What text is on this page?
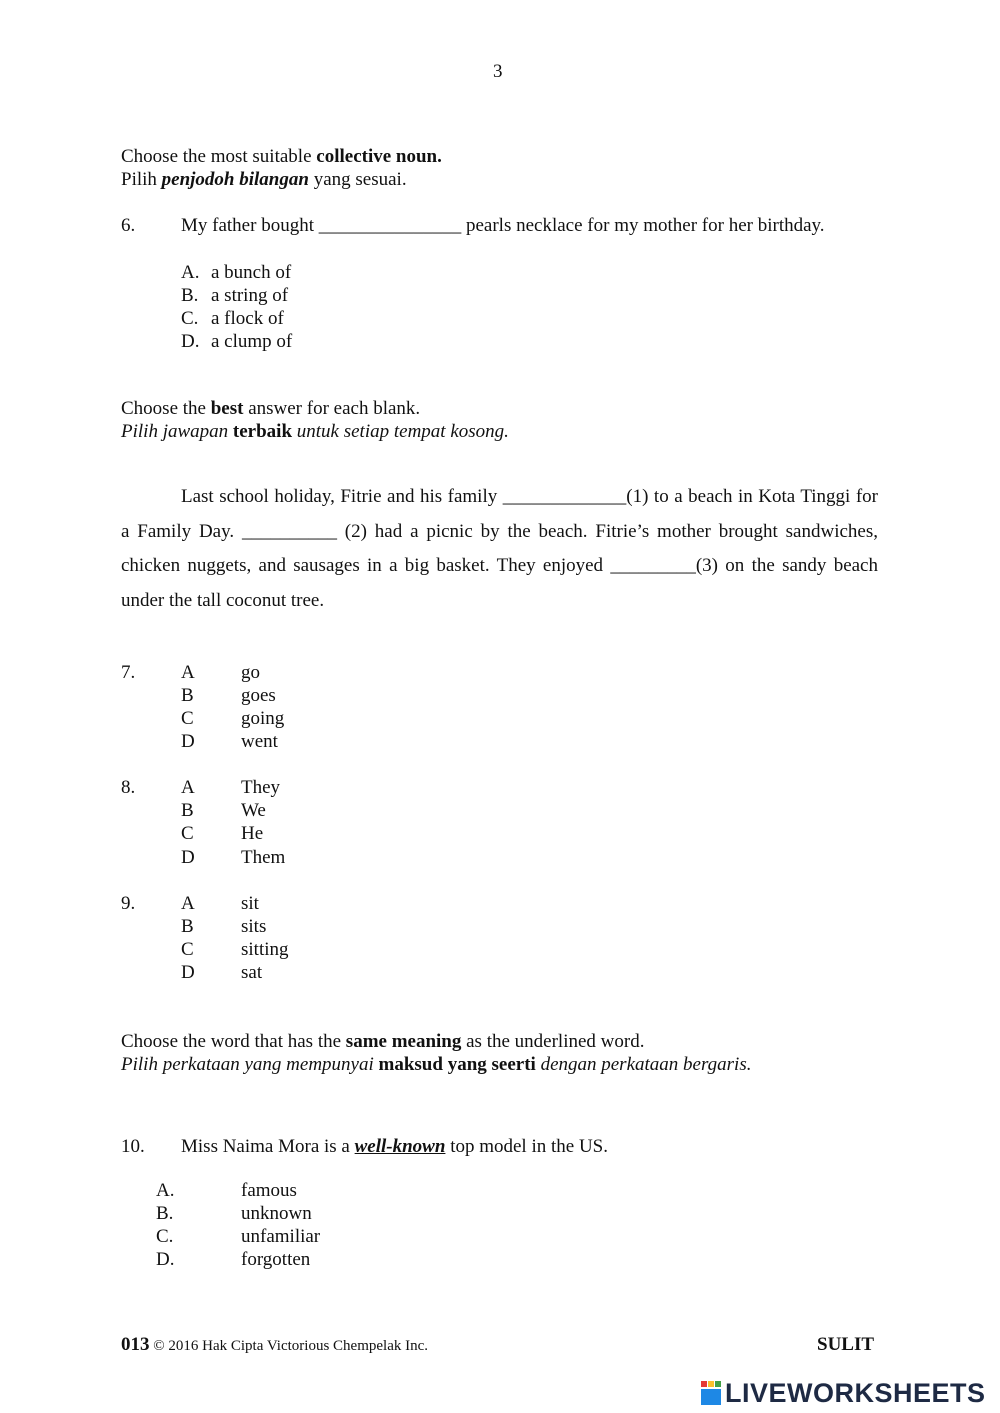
3
Choose the most suitable collective noun.
Pilih penjodoh bilangan yang sesuai.
6. My father bought _______________ pearls necklace for my mother for her birthday.
A. a bunch of
B. a string of
C. a flock of
D. a clump of
Choose the best answer for each blank.
Pilih jawapan terbaik untuk setiap tempat kosong.
Last school holiday, Fitrie and his family _____________(1) to a beach in Kota Tinggi for a Family Day. __________ (2) had a picnic by the beach. Fitrie’s mother brought sandwiches, chicken nuggets, and sausages in a big basket. They enjoyed _________(3) on the sandy beach under the tall coconut tree.
7. A go
B goes
C going
D went
8. A They
B We
C He
D Them
9. A sit
B sits
C sitting
D sat
Choose the word that has the same meaning as the underlined word.
Pilih perkataan yang mempunyai maksud yang seerti dengan perkataan bergaris.
10. Miss Naima Mora is a well-known top model in the US.
A.	famous
B.	unknown
C.	unfamiliar
D.	forgotten
013 © 2016 Hak Cipta Victorious Chempelak Inc.	SULIT
LIVEWORKSHEETS
